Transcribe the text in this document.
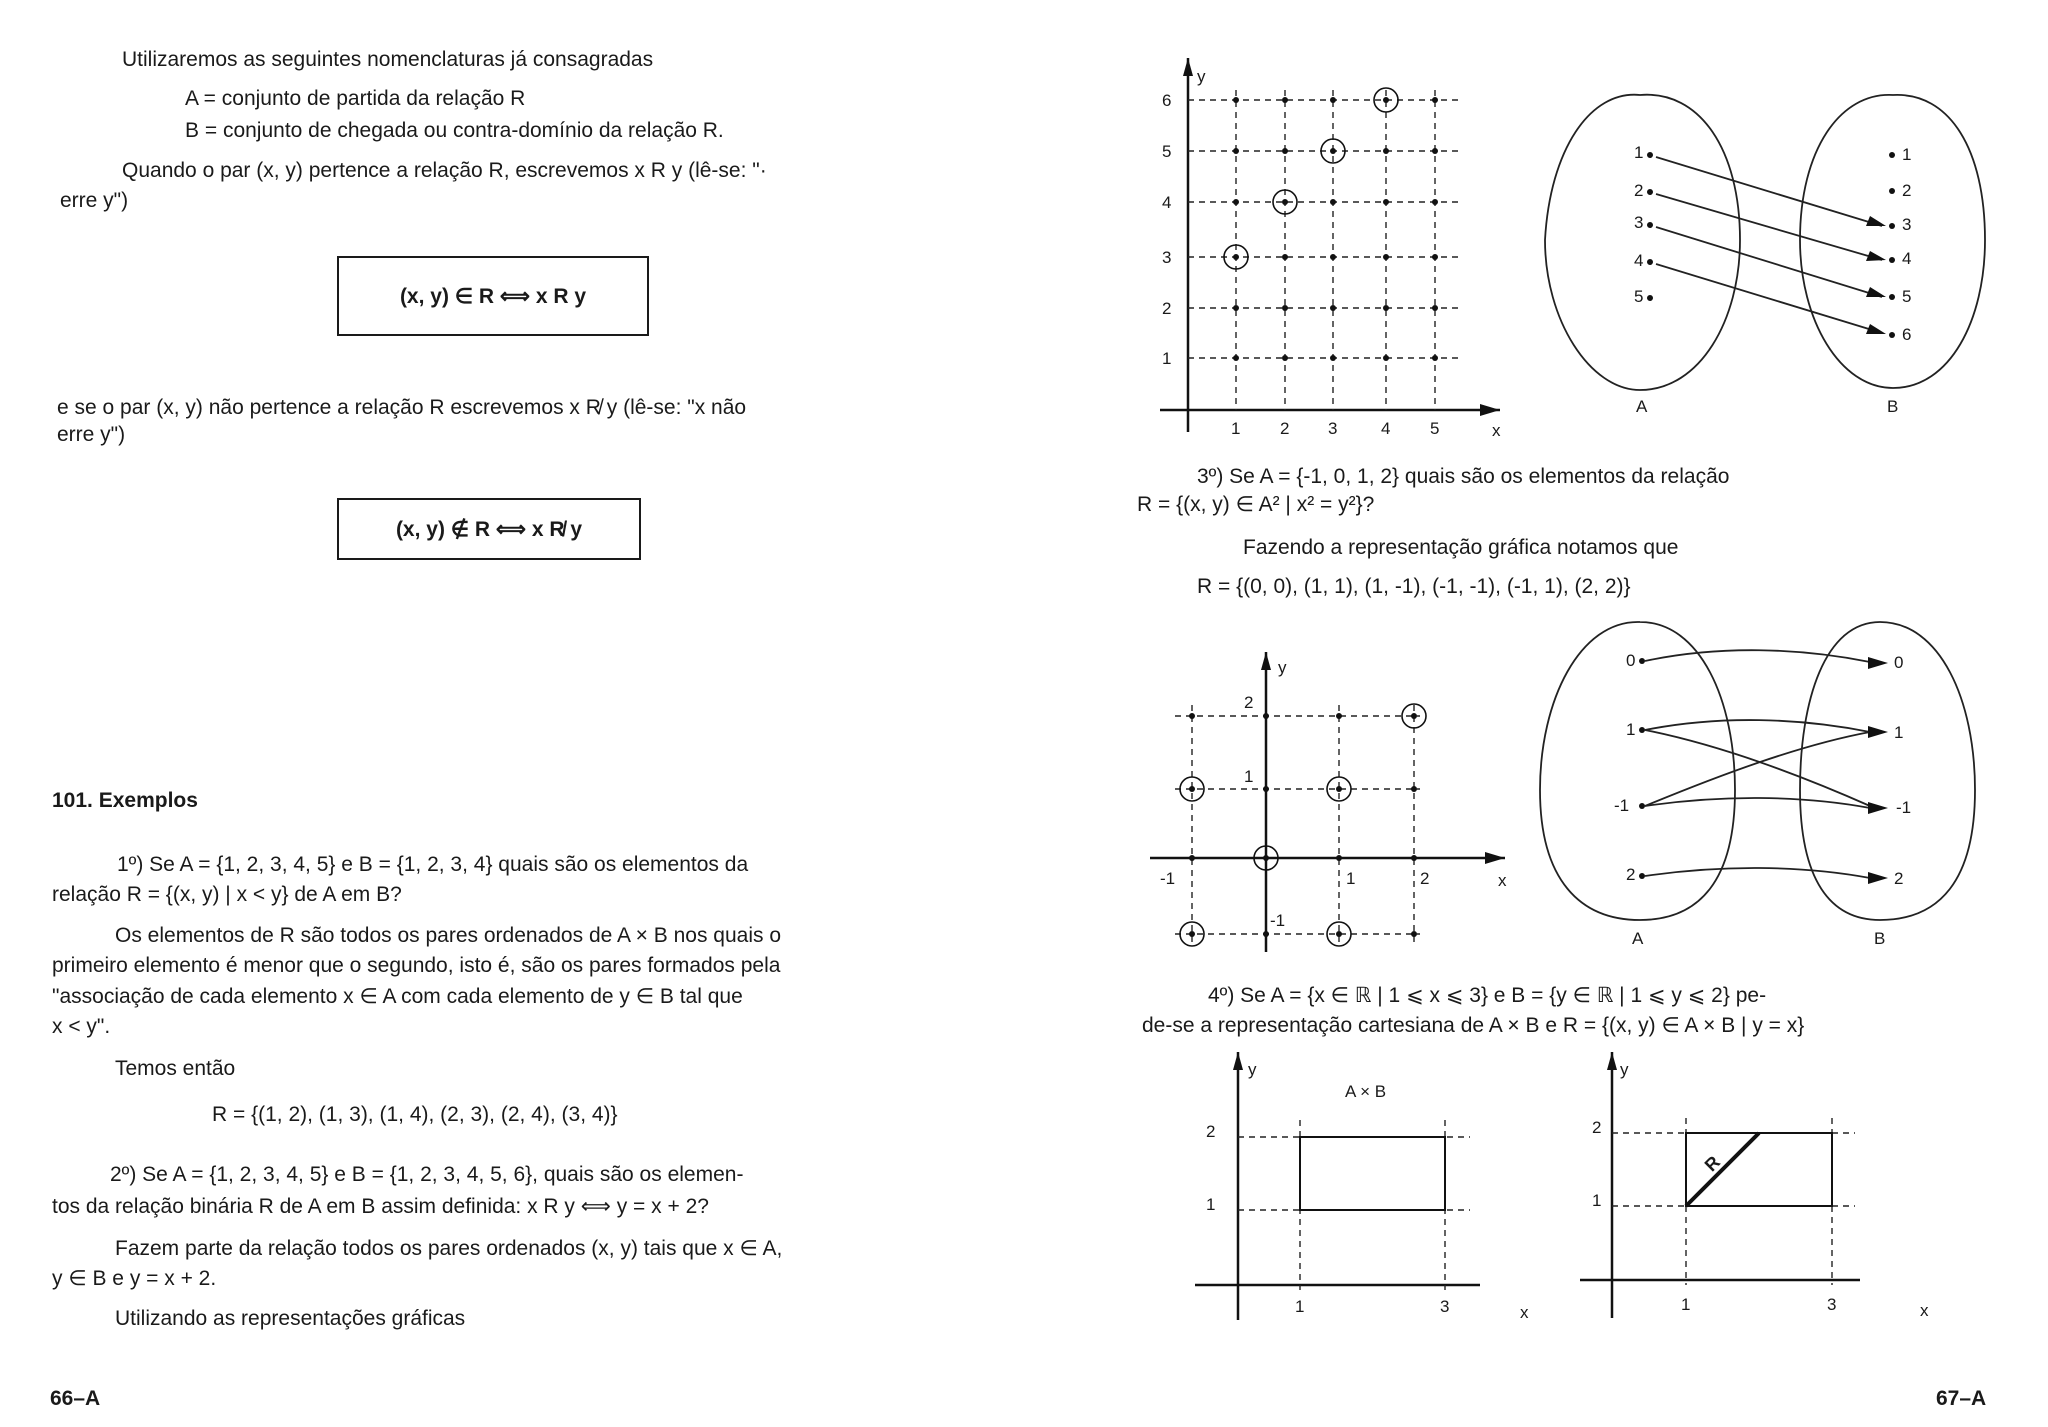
Utilizaremos as seguintes nomenclaturas já consagradas
A = conjunto de partida da relação R
B = conjunto de chegada ou contra-domínio da relação R.
Quando o par (x, y) pertence a relação R, escrevemos x R y (lê-se: "·
erre y")
(x, y) ∈ R ⟺ x R y
e se o par (x, y) não pertence a relação R escrevemos x R̸ y (lê-se: "x não
erre y")
(x, y) ∉ R ⟺ x R̸ y
101. Exemplos
1º) Se A = {1, 2, 3, 4, 5} e B = {1, 2, 3, 4} quais são os elementos da
relação R = {(x, y) | x < y} de A em B?
Os elementos de R são todos os pares ordenados de A × B nos quais o
primeiro elemento é menor que o segundo, isto é, são os pares formados pela
"associação de cada elemento x ∈ A com cada elemento de y ∈ B tal que
x < y".
Temos então
R = {(1, 2), (1, 3), (1, 4), (2, 3), (2, 4), (3, 4)}
2º) Se A = {1, 2, 3, 4, 5} e B = {1, 2, 3, 4, 5, 6}, quais são os elemen-
tos da relação binária R de A em B assim definida: x R y ⟺ y = x + 2?
Fazem parte da relação todos os pares ordenados (x, y) tais que x ∈ A,
y ∈ B e y = x + 2.
Utilizando as representações gráficas
66–A
y
x
1 2 3	4 5
1
2
3
4
5
6
A	B
1
2
3
4
5
1
2
3
4
5
6
3º) Se A = {-1, 0, 1, 2} quais são os elementos da relação
R = {(x, y) ∈ A² | x² = y²}?
Fazendo a representação gráfica notamos que
R = {(0, 0), (1, 1), (1, -1), (-1, -1), (-1, 1), (2, 2)}
y
x
-1	1	2
2
1
-1
A	B
0
1
-1
2
0
1
-1
2
4º) Se A = {x ∈ ℝ | 1 ⩽ x ⩽ 3} e B = {y ∈ ℝ | 1 ⩽ y ⩽ 2} pe-
de-se a representação cartesiana de A × B e R = {(x, y) ∈ A × B | y = x}
y
x
A × B
2
1
1	3
y
x
R
2
1
1	3
67–A
